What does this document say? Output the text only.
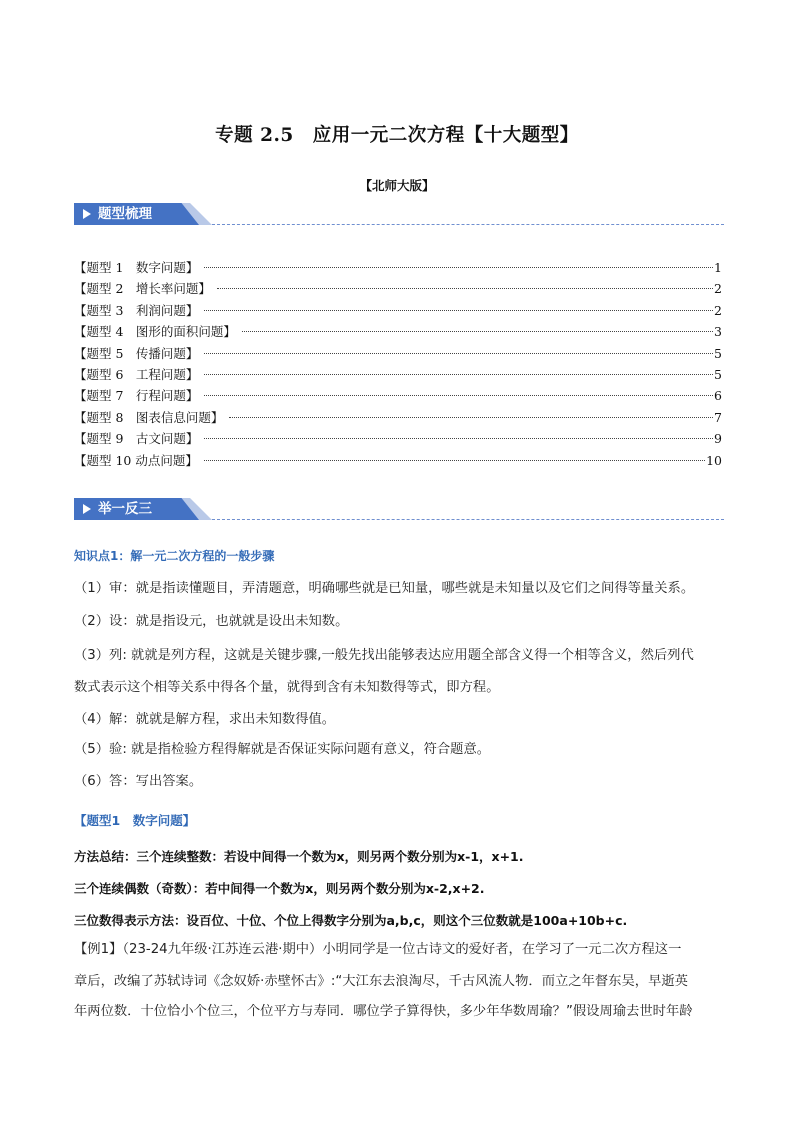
专题 2.5　应用一元二次方程【十大题型】
【北师大版】
题型梳理
【题型 1　数字问题】	1
【题型 2　增长率问题】	2
【题型 3　利润问题】	2
【题型 4　图形的面积问题】	3
【题型 5　传播问题】	5
【题型 6　工程问题】	5
【题型 7　行程问题】	6
【题型 8　图表信息问题】	7
【题型 9　古文问题】	9
【题型 10 动点问题】	10
举一反三
知识点1：解一元二次方程的一般步骤
（1）审：就是指读懂题目，弄清题意，明确哪些就是已知量，哪些就是未知量以及它们之间得等量关系。
（2）设：就是指设元，也就就是设出未知数。
（3）列: 就就是列方程，这就是关键步骤,一般先找出能够表达应用题全部含义得一个相等含义，然后列代
数式表示这个相等关系中得各个量，就得到含有未知数得等式，即方程。
（4）解：就就是解方程，求出未知数得值。
（5）验: 就是指检验方程得解就是否保证实际问题有意义，符合题意。
（6）答：写出答案。
【题型1　数字问题】
方法总结：三个连续整数：若设中间得一个数为x，则另两个数分别为x-1，x+1.
三个连续偶数（奇数）：若中间得一个数为x，则另两个数分别为x-2,x+2.
三位数得表示方法：设百位、十位、个位上得数字分别为a,b,c，则这个三位数就是100a+10b+c.
【例1】（23-24九年级·江苏连云港·期中）小明同学是一位古诗文的爱好者，在学习了一元二次方程这一
章后，改编了苏轼诗词《念奴娇·赤壁怀古》:“大江东去浪淘尽，千古风流人物．而立之年督东吴，早逝英
年两位数．十位恰小个位三，个位平方与寿同．哪位学子算得快，多少年华数周瑜？”假设周瑜去世时年龄
